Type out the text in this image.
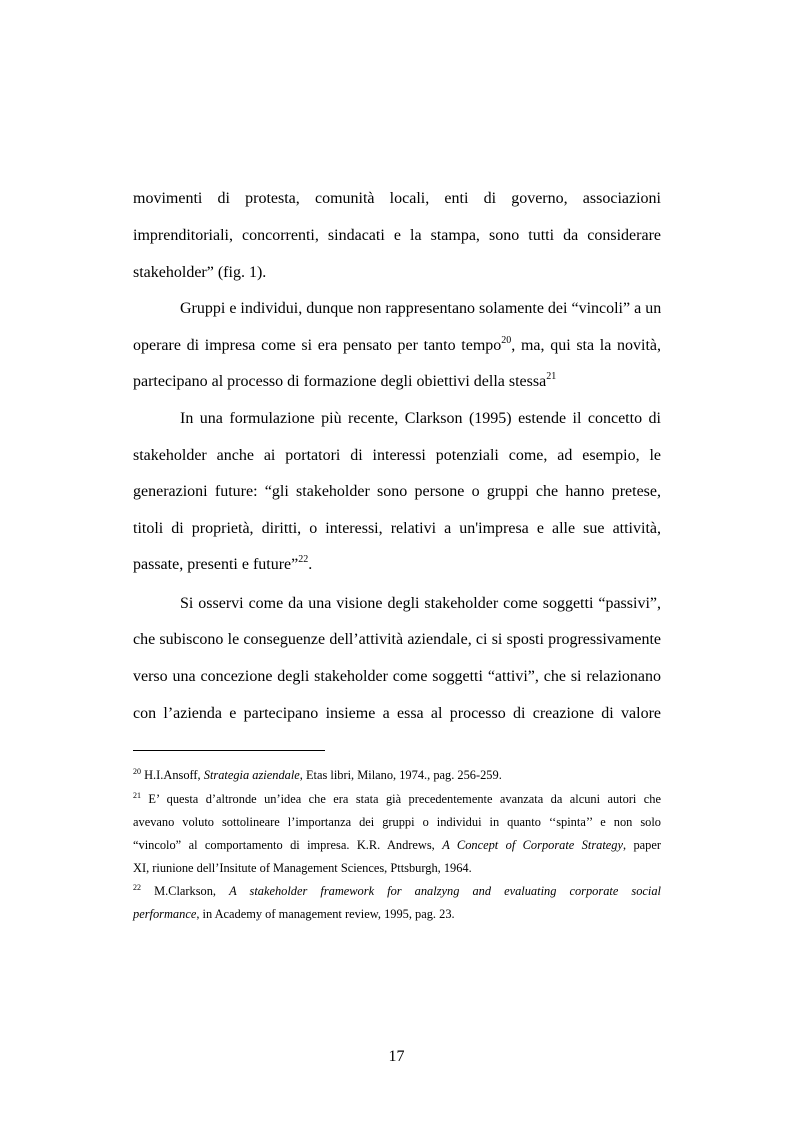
movimenti di protesta, comunità locali, enti di governo, associazioni
imprenditoriali, concorrenti, sindacati e la stampa, sono tutti da considerare
stakeholder” (fig. 1).
Gruppi e individui, dunque non rappresentano solamente dei “vincoli” a un
operare di impresa come si era pensato per tanto tempo$^{20}$, ma, qui sta la novità,
partecipano al processo di formazione degli obiettivi della stessa$^{21}$
In una formulazione più recente, Clarkson (1995) estende il concetto di
stakeholder anche ai portatori di interessi potenziali come, ad esempio, le
generazioni future: “gli stakeholder sono persone o gruppi che hanno pretese,
titoli di proprietà, diritti, o interessi, relativi a un'impresa e alle sue attività,
passate, presenti e future”$^{22}$.
Si osservi come da una visione degli stakeholder come soggetti “passivi”,
che subiscono le conseguenze dell’attività aziendale, ci si sposti progressivamente
verso una concezione degli stakeholder come soggetti “attivi”, che si relazionano
con l’azienda e partecipano insieme a essa al processo di creazione di valore
$^{20}$ H.I.Ansoff, Strategia aziendale, Etas libri, Milano, 1974., pag. 256-259.
$^{21}$ E’ questa d’altronde un’idea che era stata già precedentemente avanzata da alcuni autori che
avevano voluto sottolineare l’importanza dei gruppi o individui in quanto ‘‘spinta’’ e non solo
“vincolo” al comportamento di impresa. K.R. Andrews, A Concept of Corporate Strategy, paper
XI, riunione dell’Insitute of Management Sciences, Pttsburgh, 1964.
$^{22}$ M.Clarkson, A stakeholder framework for analzyng and evaluating corporate social
performance, in Academy of management review, 1995, pag. 23.
17
